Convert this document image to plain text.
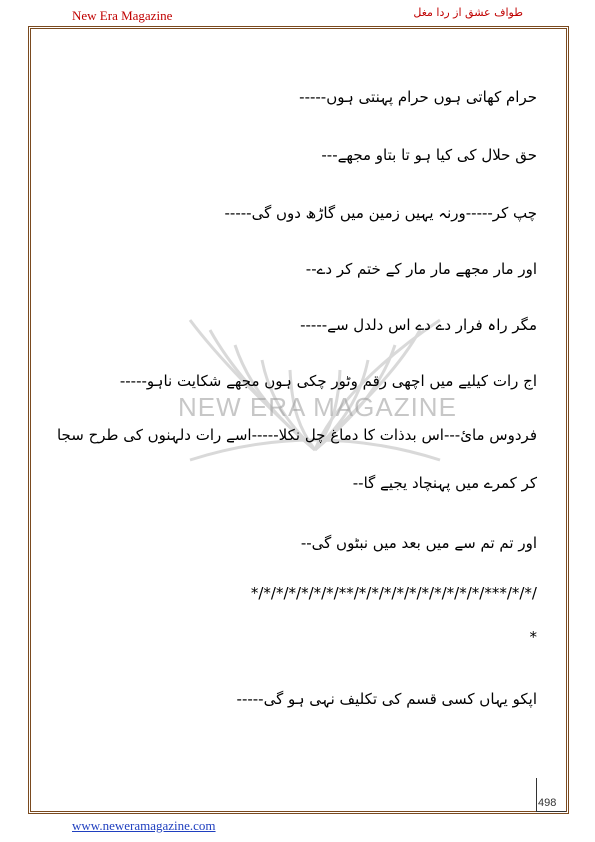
New Era Magazine	طواف عشق از ردا مغل
NEW ERA MAGAZINE
حرام کھاتی ہوں حرام پہنتی ہوں-----
حق حلال کی کیا ہو تا بتاو مجھے---
چپ کر-----ورنہ یہیں زمین میں گاڑھ دوں گی-----
اور مار مجھے مار مار کے ختم کر دے--
مگر راہ فرار دے دے اس دلدل سے-----
اج رات کیلیے میں اچھی رقم وٹور چکی ہوں مجھے شکایت ناہو-----
فردوس مائ---اس بدذات کا دماغ چل نکلا-----اسے رات دلہنوں کی طرح سجا
کر کمرے میں پہنچاد یجیے گا--
اور تم تم سے میں بعد میں نبٹوں گی--
*/*/*/*/*/*/*/**/*/*/*/*/*/*/*/*/*/*/***/*/*/
*
اپکو یہاں کسی قسم کی تکلیف نہی ہو گی-----
498
www.neweramagazine.com
